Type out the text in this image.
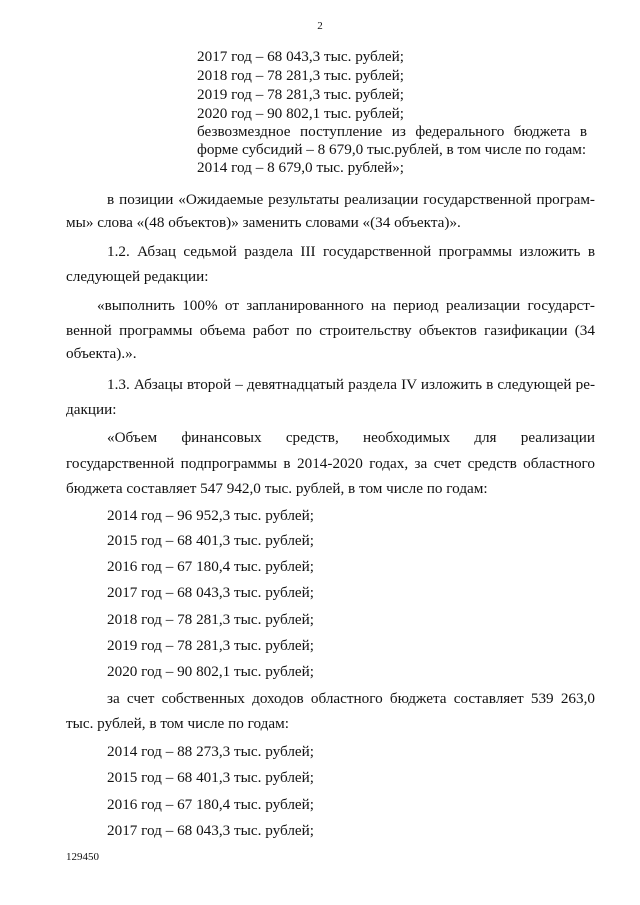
2
2017 год – 68 043,3 тыс. рублей;
2018 год – 78 281,3 тыс. рублей;
2019 год – 78 281,3 тыс. рублей;
2020 год – 90 802,1 тыс. рублей;
безвозмездное поступление из федерального бюджета в
форме субсидий – 8 679,0 тыс.рублей, в том числе по годам:
2014 год – 8 679,0 тыс. рублей»;
в позиции «Ожидаемые результаты реализации государственной програм-
мы» слова «(48 объектов)» заменить словами «(34 объекта)».
1.2. Абзац седьмой раздела III государственной программы изложить в
следующей редакции:
«выполнить 100% от запланированного на период реализации государст-
венной программы объема работ по строительству объектов газификации (34
объекта).».
1.3. Абзацы второй – девятнадцатый раздела IV изложить в следующей ре-
дакции:
«Объем финансовых средств, необходимых для реализации
государственной подпрограммы в 2014-2020 годах, за счет средств областного
бюджета составляет 547 942,0 тыс. рублей, в том числе по годам:
2014 год – 96 952,3 тыс. рублей;
2015 год – 68 401,3 тыс. рублей;
2016 год – 67 180,4 тыс. рублей;
2017 год – 68 043,3 тыс. рублей;
2018 год – 78 281,3 тыс. рублей;
2019 год – 78 281,3 тыс. рублей;
2020 год – 90 802,1 тыс. рублей;
за счет собственных доходов областного бюджета составляет 539 263,0
тыс. рублей, в том числе по годам:
2014 год – 88 273,3 тыс. рублей;
2015 год – 68 401,3 тыс. рублей;
2016 год – 67 180,4 тыс. рублей;
2017 год – 68 043,3 тыс. рублей;
129450
